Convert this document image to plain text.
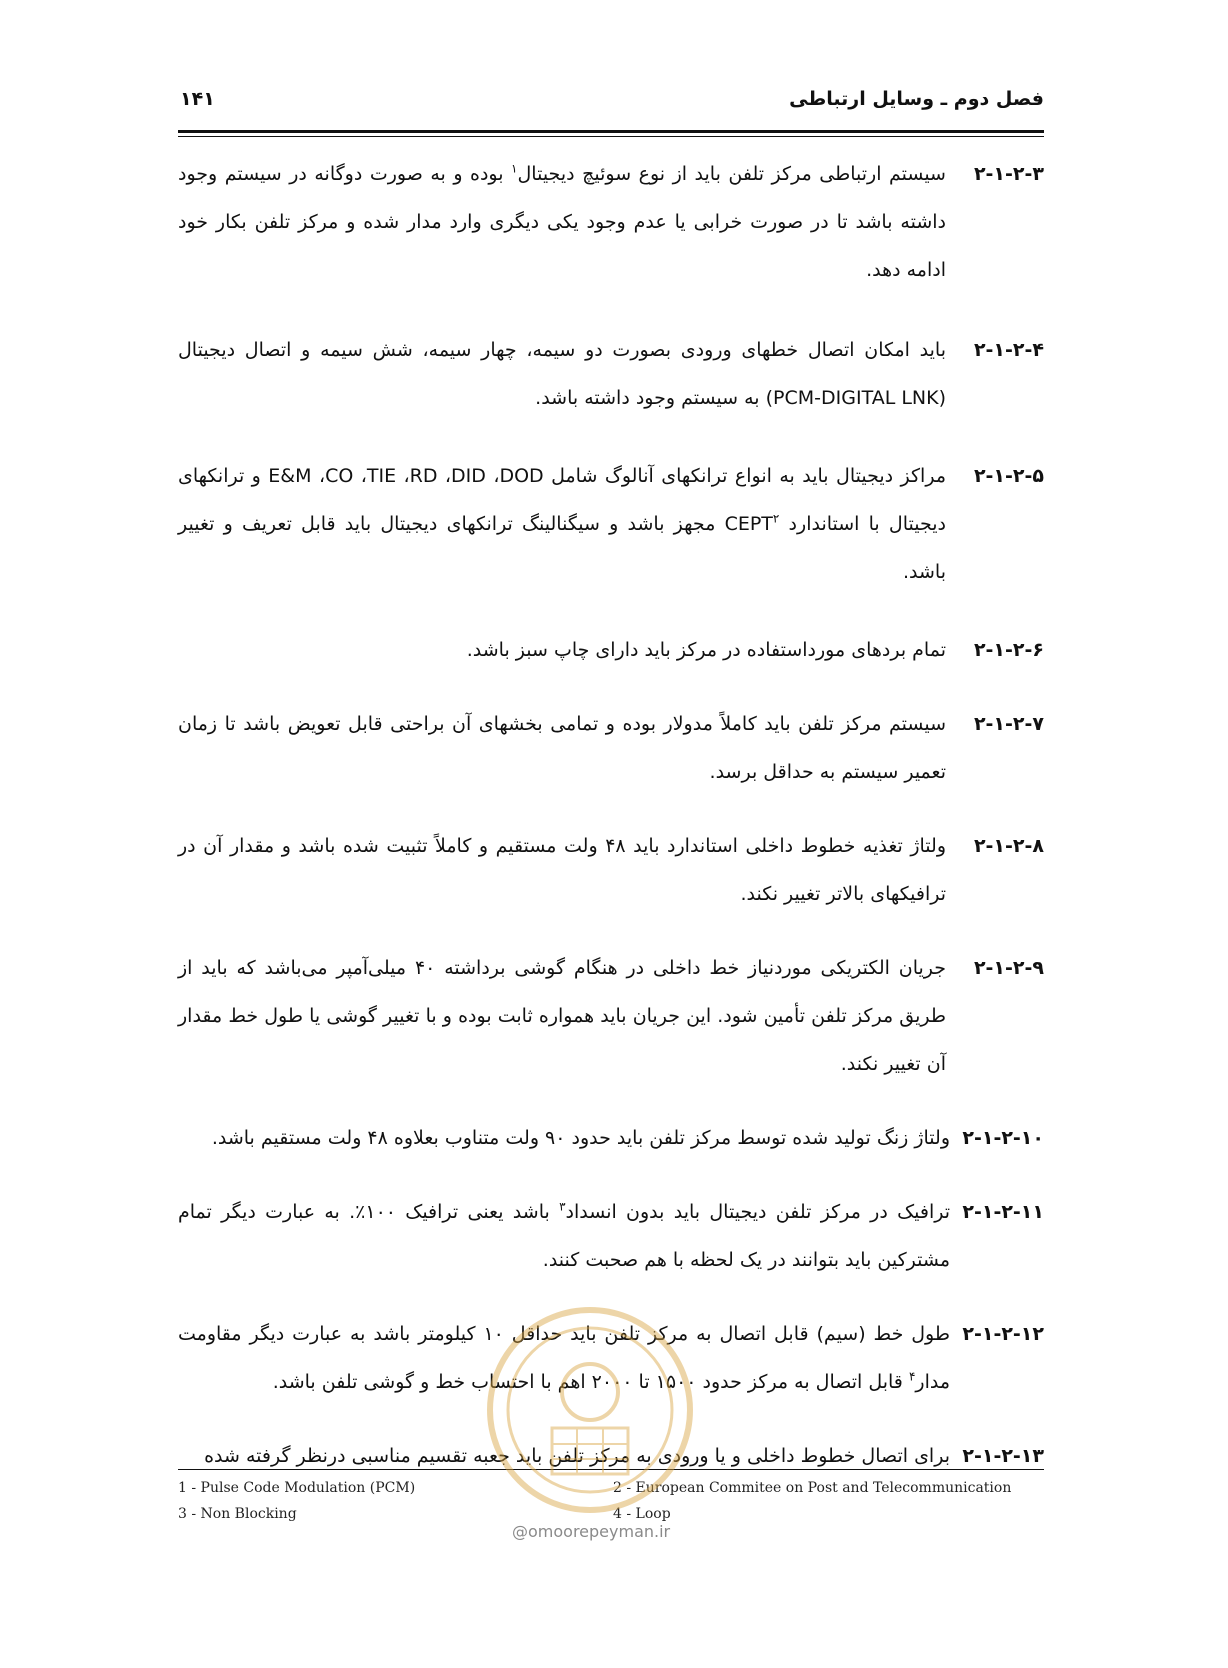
فصل دوم ـ وسایل ارتباطی
۱۴۱
۲-۱-۲-۳
سیستم ارتباطی مرکز تلفن باید از نوع سوئیچ دیجیتال$^۱$ بوده و به صورت دوگانه در سیستم وجود داشته باشد تا در صورت خرابی یا عدم وجود یکی دیگری وارد مدار شده و مرکز تلفن بکار خود ادامه دهد.
۲-۱-۲-۴
باید امکان اتصال خطهای ورودی بصورت دو سیمه، چهار سیمه، شش سیمه و اتصال دیجیتال (PCM-DIGITAL LNK) به سیستم وجود داشته باشد.
۲-۱-۲-۵
مراکز دیجیتال باید به انواع ترانکهای آنالوگ شامل E&M ،CO ،TIE ،RD ،DID ،DOD و ترانکهای دیجیتال با استاندارد CEPT$^۲$ مجهز باشد و سیگنالینگ ترانکهای دیجیتال باید قابل تعریف و تغییر باشد.
۲-۱-۲-۶
تمام بردهای مورداستفاده در مرکز باید دارای چاپ سبز باشد.
۲-۱-۲-۷
سیستم مرکز تلفن باید کاملاً مدولار بوده و تمامی بخشهای آن براحتی قابل تعویض باشد تا زمان تعمیر سیستم به حداقل برسد.
۲-۱-۲-۸
ولتاژ تغذیه خطوط داخلی استاندارد باید ۴۸ ولت مستقیم و کاملاً تثبیت شده باشد و مقدار آن در ترافیکهای بالاتر تغییر نکند.
۲-۱-۲-۹
جریان الکتریکی موردنیاز خط داخلی در هنگام گوشی برداشته ۴۰ میلی‌آمپر می‌باشد که باید از طریق مرکز تلفن تأمین شود. این جریان باید همواره ثابت بوده و با تغییر گوشی یا طول خط مقدار آن تغییر نکند.
۲-۱-۲-۱۰
ولتاژ زنگ تولید شده توسط مرکز تلفن باید حدود ۹۰ ولت متناوب بعلاوه ۴۸ ولت مستقیم باشد.
۲-۱-۲-۱۱
ترافیک در مرکز تلفن دیجیتال باید بدون انسداد$^۳$ باشد یعنی ترافیک ۱۰۰٪. به عبارت دیگر تمام مشترکین باید بتوانند در یک لحظه با هم صحبت کنند.
۲-۱-۲-۱۲
طول خط (سیم) قابل اتصال به مرکز تلفن باید حداقل ۱۰ کیلومتر باشد به عبارت دیگر مقاومت مدار$^۴$ قابل اتصال به مرکز حدود ۱۵۰۰ تا ۲۰۰۰ اهم با احتساب خط و گوشی تلفن باشد.
۲-۱-۲-۱۳
برای اتصال خطوط داخلی و یا ورودی به مرکز تلفن باید جعبه تقسیم مناسبی درنظر گرفته شده
1 - Pulse Code Modulation (PCM)	2 - European Commitee on Post and Telecommunication
3 - Non Blocking	4 - Loop
@omoorepeyman.ir
